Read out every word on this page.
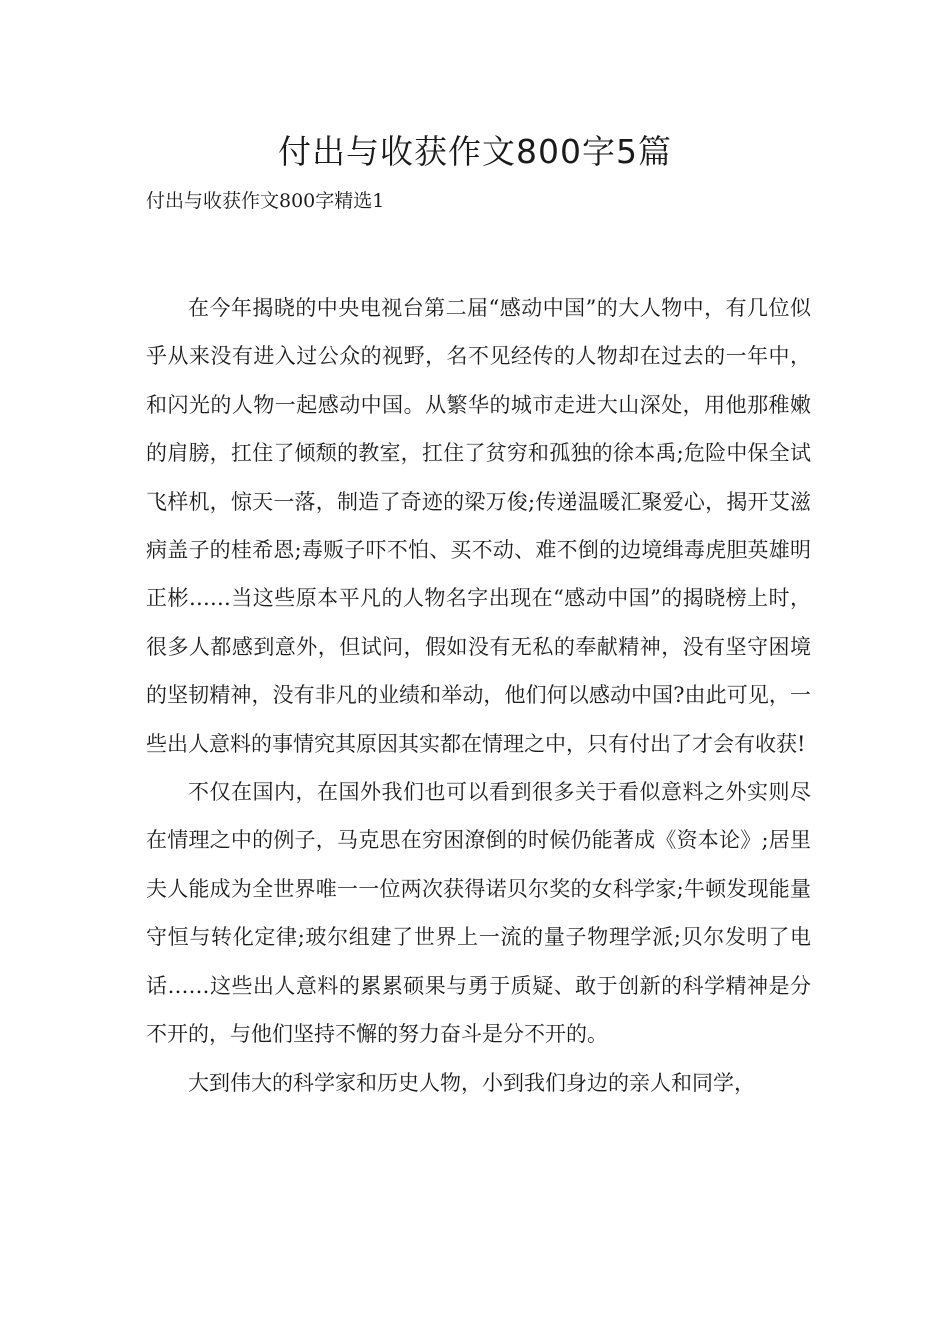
付出与收获作文800字5篇

付出与收获作文800字精选1

在今年揭晓的中央电视台第二届“感动中国”的大人物中，有几位似乎从来没有进入过公众的视野，名不见经传的人物却在过去的一年中，和闪光的人物一起感动中国。从繁华的城市走进大山深处，用他那稚嫩的肩膀，扛住了倾颓的教室，扛住了贫穷和孤独的徐本禹;危险中保全试飞样机，惊天一落，制造了奇迹的梁万俊;传递温暖汇聚爱心，揭开艾滋病盖子的桂希恩;毒贩子吓不怕、买不动、难不倒的边境缉毒虎胆英雄明正彬……当这些原本平凡的人物名字出现在“感动中国”的揭晓榜上时，很多人都感到意外，但试问，假如没有无私的奉献精神，没有坚守困境的坚韧精神，没有非凡的业绩和举动，他们何以感动中国?由此可见，一些出人意料的事情究其原因其实都在情理之中，只有付出了才会有收获!

不仅在国内，在国外我们也可以看到很多关于看似意料之外实则尽在情理之中的例子，马克思在穷困潦倒的时候仍能著成《资本论》;居里夫人能成为全世界唯一一位两次获得诺贝尔奖的女科学家;牛顿发现能量守恒与转化定律;玻尔组建了世界上一流的量子物理学派;贝尔发明了电话……这些出人意料的累累硕果与勇于质疑、敢于创新的科学精神是分不开的，与他们坚持不懈的努力奋斗是分不开的。

大到伟大的科学家和历史人物，小到我们身边的亲人和同学，
